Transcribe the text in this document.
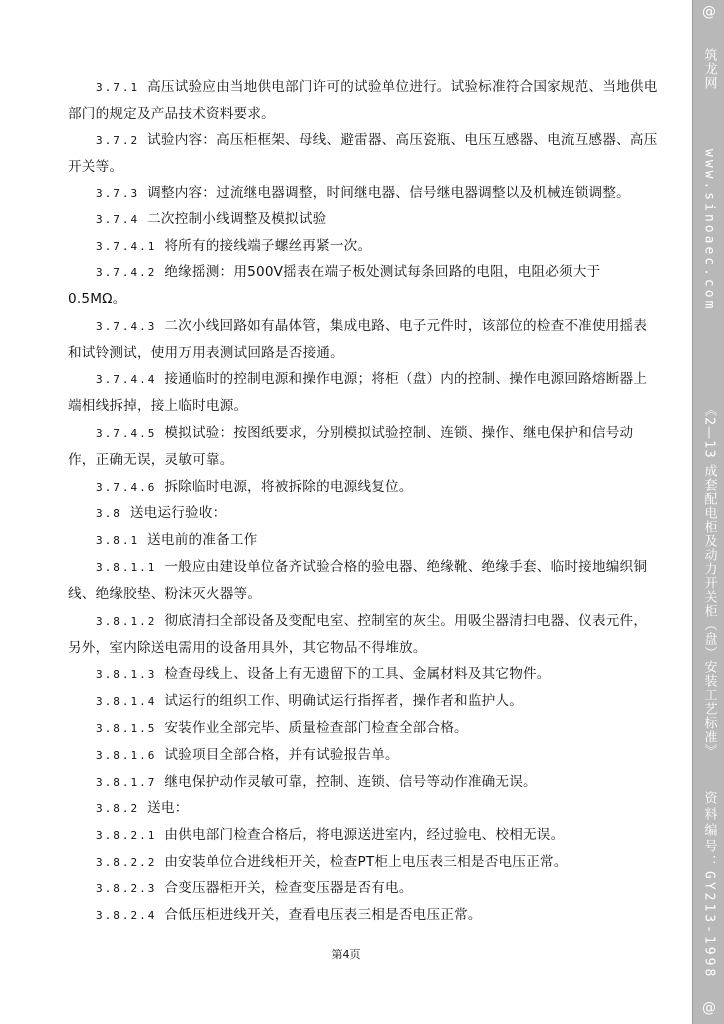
3.7.1 高压试验应由当地供电部门许可的试验单位进行。试验标准符合国家规范、当地供电部门的规定及产品技术资料要求。

3.7.2 试验内容：高压柜框架、母线、避雷器、高压瓷瓶、电压互感器、电流互感器、高压开关等。

3.7.3 调整内容：过流继电器调整，时间继电器、信号继电器调整以及机械连锁调整。

3.7.4 二次控制小线调整及模拟试验

3.7.4.1 将所有的接线端子螺丝再紧一次。

3.7.4.2 绝缘摇测：用500V摇表在端子板处测试每条回路的电阻，电阻必须大于0.5MΩ。

3.7.4.3 二次小线回路如有晶体管，集成电路、电子元件时，该部位的检查不准使用摇表和试铃测试，使用万用表测试回路是否接通。

3.7.4.4 接通临时的控制电源和操作电源；将柜（盘）内的控制、操作电源回路熔断器上端相线拆掉，接上临时电源。

3.7.4.5 模拟试验：按图纸要求，分别模拟试验控制、连锁、操作、继电保护和信号动作，正确无误，灵敏可靠。

3.7.4.6 拆除临时电源，将被拆除的电源线复位。

3.8 送电运行验收：

3.8.1 送电前的准备工作

3.8.1.1 一般应由建设单位备齐试验合格的验电器、绝缘靴、绝缘手套、临时接地编织铜线、绝缘胶垫、粉沫灭火器等。

3.8.1.2 彻底清扫全部设备及变配电室、控制室的灰尘。用吸尘器清扫电器、仪表元件，另外，室内除送电需用的设备用具外，其它物品不得堆放。

3.8.1.3 检查母线上、设备上有无遗留下的工具、金属材料及其它物件。

3.8.1.4 试运行的组织工作、明确试运行指挥者，操作者和监护人。

3.8.1.5 安装作业全部完毕、质量检查部门检查全部合格。

3.8.1.6 试验项目全部合格，并有试验报告单。

3.8.1.7 继电保护动作灵敏可靠，控制、连锁、信号等动作准确无误。

3.8.2 送电：

3.8.2.1 由供电部门检查合格后，将电源送进室内，经过验电、校相无误。

3.8.2.2 由安装单位合进线柜开关，检查PT柜上电压表三相是否电压正常。

3.8.2.3 合变压器柜开关，检查变压器是否有电。

3.8.2.4 合低压柜进线开关，查看电压表三相是否电压正常。

第4页
@
筑龙网
www.sinoaec.com
《2—13 成套配电柜及动力开关柜（盘）安装工艺标准》
资料编号：GY213-1998
@
